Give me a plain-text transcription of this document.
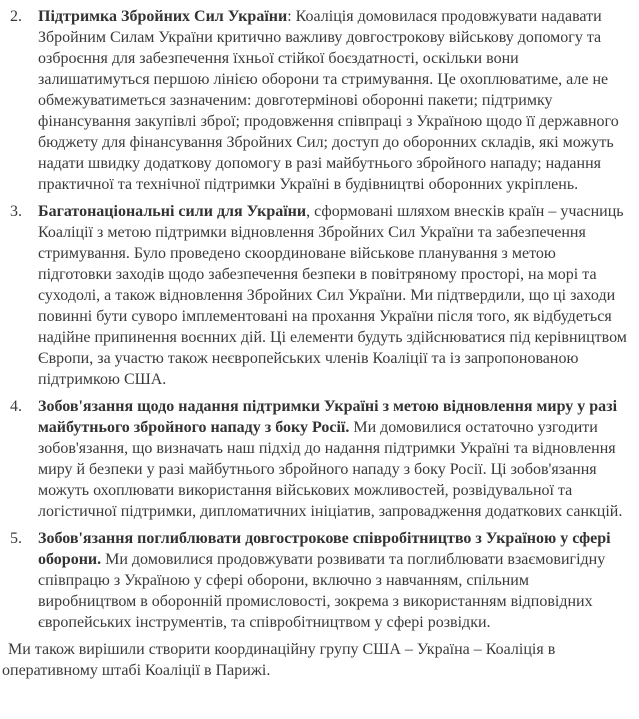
2.	Підтримка Збройних Сил України: Коаліція домовилася продовжувати надавати Збройним Силам України критично важливу довгострокову військову допомогу та озброєння для забезпечення їхньої стійкої боєздатності, оскільки вони залишатимуться першою лінією оборони та стримування. Це охоплюватиме, але не обмежуватиметься зазначеним: довготермінові оборонні пакети; підтримку фінансування закупівлі зброї; продовження співпраці з Україною щодо її державного бюджету для фінансування Збройних Сил; доступ до оборонних складів, які можуть надати швидку додаткову допомогу в разі майбутнього збройного нападу; надання практичної та технічної підтримки Україні в будівництві оборонних укріплень.
3.	Багатонаціональні сили для України, сформовані шляхом внесків країн – учасниць Коаліції з метою підтримки відновлення Збройних Сил України та забезпечення стримування. Було проведено скоординоване військове планування з метою підготовки заходів щодо забезпечення безпеки в повітряному просторі, на морі та суходолі, а також відновлення Збройних Сил України. Ми підтвердили, що ці заходи повинні бути суворо імплементовані на прохання України після того, як відбудеться надійне припинення воєнних дій. Ці елементи будуть здійснюватися під керівництвом Європи, за участю також неєвропейських членів Коаліції та із запропонованою підтримкою США.
4.	Зобов'язання щодо надання підтримки Україні з метою відновлення миру у разі майбутнього збройного нападу з боку Росії. Ми домовилися остаточно узгодити зобов'язання, що визначать наш підхід до надання підтримки Україні та відновлення миру й безпеки у разі майбутнього збройного нападу з боку Росії. Ці зобов'язання можуть охоплювати використання військових можливостей, розвідувальної та логістичної підтримки, дипломатичних ініціатив, запровадження додаткових санкцій.
5.	Зобов'язання поглиблювати довгострокове співробітництво з Україною у сфері оборони. Ми домовилися продовжувати розвивати та поглиблювати взаємовигідну співпрацю з Україною у сфері оборони, включно з навчанням, спільним виробництвом в оборонній промисловості, зокрема з використанням відповідних європейських інструментів, та співробітництвом у сфері розвідки.

Ми також вирішили створити координаційну групу США – Україна – Коаліція в оперативному штабі Коаліції в Парижі.
